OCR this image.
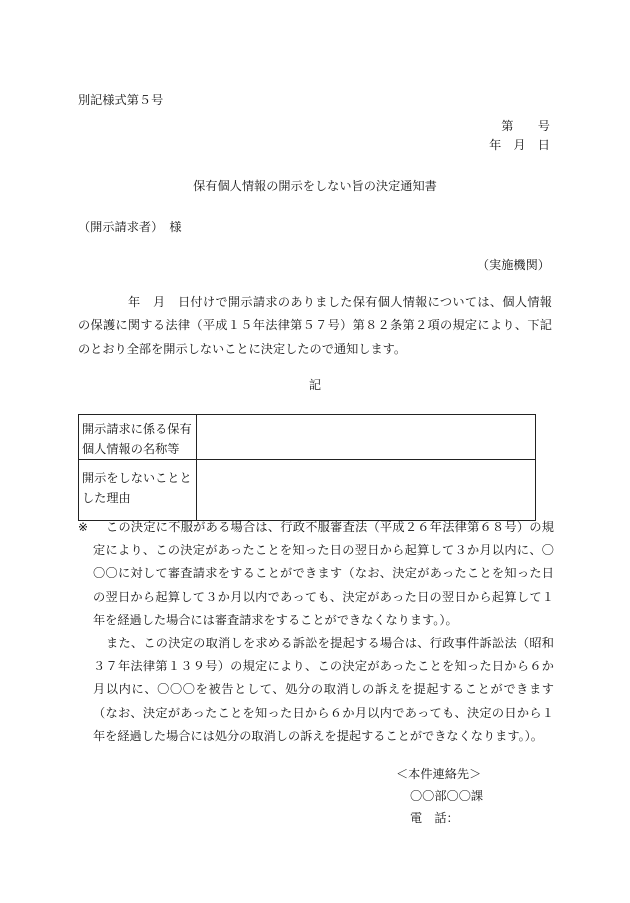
別記様式第５号
第　　号
年　月　日
保有個人情報の開示をしない旨の決定通知書
（開示請求者）　様
（実施機関）
年　月　日付けで開示請求のありました保有個人情報については、個人情報の保護に関する法律（平成１５年法律第５７号）第８２条第２項の規定により、下記のとおり全部を開示しないことに決定したので通知します。
記
開示請求に係る保有個人情報の名称等	
開示をしないこととした理由	
※	この決定に不服がある場合は、行政不服審査法（平成２６年法律第６８号）の規定により、この決定があったことを知った日の翌日から起算して３か月以内に、〇〇〇に対して審査請求をすることができます（なお、決定があったことを知った日の翌日から起算して３か月以内であっても、決定があった日の翌日から起算して１年を経過した場合には審査請求をすることができなくなります。）。
また、この決定の取消しを求める訴訟を提起する場合は、行政事件訴訟法（昭和３７年法律第１３９号）の規定により、この決定があったことを知った日から６か月以内に、〇〇〇を被告として、処分の取消しの訴えを提起することができます（なお、決定があったことを知った日から６か月以内であっても、決定の日から１年を経過した場合には処分の取消しの訴えを提起することができなくなります。）。
＜本件連絡先＞
〇〇部〇〇課
電　話：
